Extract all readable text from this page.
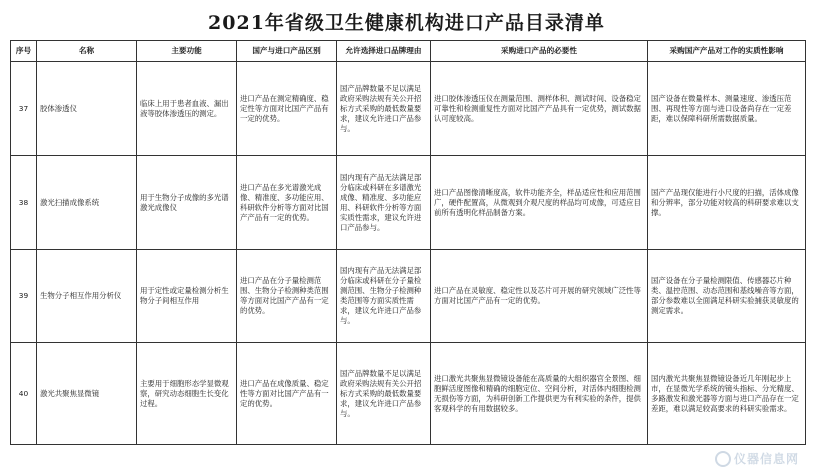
2021年省级卫生健康机构进口产品目录清单
序号	名称	主要功能	国产与进口产品区别	允许选择进口品牌理由	采购进口产品的必要性	采购国产产品对工作的实质性影响
37	胶体渗透仪	临床上用于患者血液、漏出液等胶体渗透压的测定。	进口产品在测定精确度、稳定性等方面对比国产产品有一定的优势。	国产品牌数量不足以满足政府采购法规有关公开招标方式采购的最低数量要求，建议允许进口产品参与。	进口胶体渗透压仪在测量范围、测样体积、测试时间、设备稳定可靠性和检测重复性方面对比国产产品具有一定优势，测试数据认可度较高。	国产设备在微量样本、测量速度、渗透压范围、再现性等方面与进口设备尚存在一定差距，难以保障科研所需数据质量。
38	激光扫描成像系统	用于生物分子成像的多光谱激光成像仪	进口产品在多光谱激光成像、精准度、多功能应用、科研软件分析等方面对比国产产品有一定的优势。	国内现有产品无法满足部分临床或科研在多谱激光成像、精准度、多功能应用、科研软件分析等方面实质性需求，建议允许进口产品参与。	进口产品图像清晰度高，软件功能齐全，样品适应性和应用范围广，硬件配置高，从微观到介观尺度的样品均可成像，可适应目前所有透明化样品制备方案。	国产产品现仅能进行小尺度的扫描，活体成像和分辨率，部分功能对较高的科研要求难以支撑。
39	生物分子相互作用分析仪	用于定性或定量检测分析生物分子间相互作用	进口产品在分子量检测范围、生物分子检测种类范围等方面对比国产产品有一定的优势。	国内现有产品无法满足部分临床或科研在分子量检测范围、生物分子检测种类范围等方面实质性需求，建议允许进口产品参与。	进口产品在灵敏度、稳定性以及芯片可开展的研究领域广泛性等方面对比国产产品有一定的优势。	国产设备在分子量检测限值、传感器芯片种类、温控范围、动态范围和基线噪音等方面，部分参数难以全面满足科研实验捕获灵敏度的测定需求。
40	激光共聚焦显微镜	主要用于细胞形态学显微观察，研究动态细胞生长变化过程。	进口产品在成像质量、稳定性等方面对比国产产品有一定的优势。	国产品牌数量不足以满足政府采购法规有关公开招标方式采购的最低数量要求，建议允许进口产品参与。	进口激光共聚焦显微镜设备能在高质量的大组织器官全景图、细胞鲜活度图像和精确的细胞定位、空间分析，对活体内细胞检测无损伤等方面，为科研创新工作提供更为有利实验的条件，提供客观科学的有用数据较多。	国内激光共聚焦显微镜设备近几年刚起步上市，在显微光学系统的镜头指标、分光精度、多路激发和激光器等方面与进口产品存在一定差距，难以满足较高要求的科研实验需求。
仪器信息网
